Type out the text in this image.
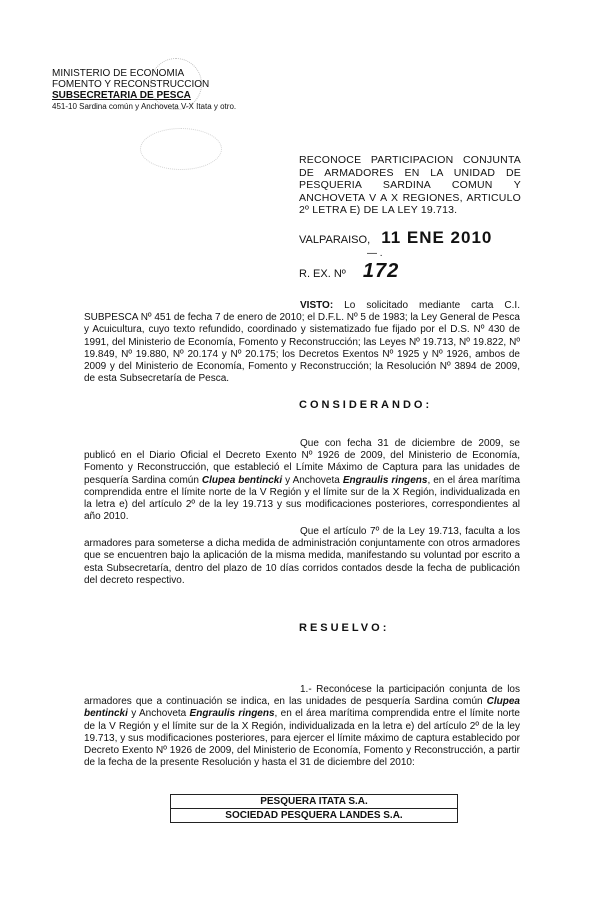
MINISTERIO DE ECONOMIA
FOMENTO Y RECONSTRUCCION
SUBSECRETARIA DE PESCA
451-10 Sardina común y Anchoveta V-X Itata y otro.
RECONOCE PARTICIPACION CONJUNTA DE ARMADORES EN LA UNIDAD DE PESQUERIA SARDINA COMUN Y ANCHOVETA V A X REGIONES, ARTICULO 2º LETRA E) DE LA LEY 19.713.
VALPARAISO, 11 ENE 2010
— .
R. EX. Nº 172
VISTO: Lo solicitado mediante carta C.I. SUBPESCA Nº 451 de fecha 7 de enero de 2010; el D.F.L. Nº 5 de 1983; la Ley General de Pesca y Acuicultura, cuyo texto refundido, coordinado y sistematizado fue fijado por el D.S. Nº 430 de 1991, del Ministerio de Economía, Fomento y Reconstrucción; las Leyes Nº 19.713, Nº 19.822, Nº 19.849, Nº 19.880, Nº 20.174 y Nº 20.175; los Decretos Exentos Nº 1925 y Nº 1926, ambos de 2009 y del Ministerio de Economía, Fomento y Reconstrucción; la Resolución Nº 3894 de 2009, de esta Subsecretaría de Pesca.
CONSIDERANDO:
Que con fecha 31 de diciembre de 2009, se publicó en el Diario Oficial el Decreto Exento Nº 1926 de 2009, del Ministerio de Economía, Fomento y Reconstrucción, que estableció el Límite Máximo de Captura para las unidades de pesquería Sardina común Clupea bentincki y Anchoveta Engraulis ringens, en el área marítima comprendida entre el límite norte de la V Región y el límite sur de la X Región, individualizada en la letra e) del artículo 2º de la ley 19.713 y sus modificaciones posteriores, correspondientes al año 2010.
Que el artículo 7º de la Ley 19.713, faculta a los armadores para someterse a dicha medida de administración conjuntamente con otros armadores que se encuentren bajo la aplicación de la misma medida, manifestando su voluntad por escrito a esta Subsecretaría, dentro del plazo de 10 días corridos contados desde la fecha de publicación del decreto respectivo.
RESUELVO:
1.- Reconócese la participación conjunta de los armadores que a continuación se indica, en las unidades de pesquería Sardina común Clupea bentincki y Anchoveta Engraulis ringens, en el área marítima comprendida entre el límite norte de la V Región y el límite sur de la X Región, individualizada en la letra e) del artículo 2º de la ley 19.713, y sus modificaciones posteriores, para ejercer el límite máximo de captura establecido por Decreto Exento Nº 1926 de 2009, del Ministerio de Economía, Fomento y Reconstrucción, a partir de la fecha de la presente Resolución y hasta el 31 de diciembre del 2010:
PESQUERA ITATA S.A.
SOCIEDAD PESQUERA LANDES S.A.
